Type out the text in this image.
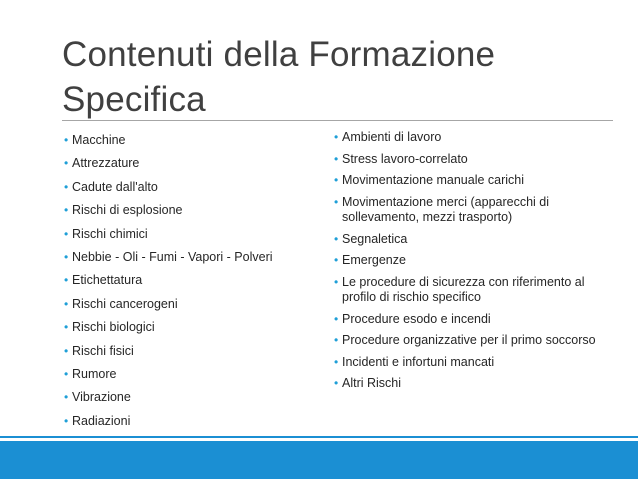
Contenuti della Formazione Specifica
• Macchine
• Attrezzature
• Cadute dall'alto
• Rischi di esplosione
• Rischi chimici
• Nebbie - Oli - Fumi - Vapori - Polveri
• Etichettatura
• Rischi cancerogeni
• Rischi biologici
• Rischi fisici
• Rumore
• Vibrazione
• Radiazioni
• Ambienti di lavoro
• Stress lavoro-correlato
• Movimentazione manuale carichi
• Movimentazione merci (apparecchi di sollevamento, mezzi trasporto)
• Segnaletica
• Emergenze
• Le procedure di sicurezza con riferimento al profilo di rischio specifico
• Procedure esodo e incendi
• Procedure organizzative per il primo soccorso
• Incidenti e infortuni mancati
• Altri Rischi
